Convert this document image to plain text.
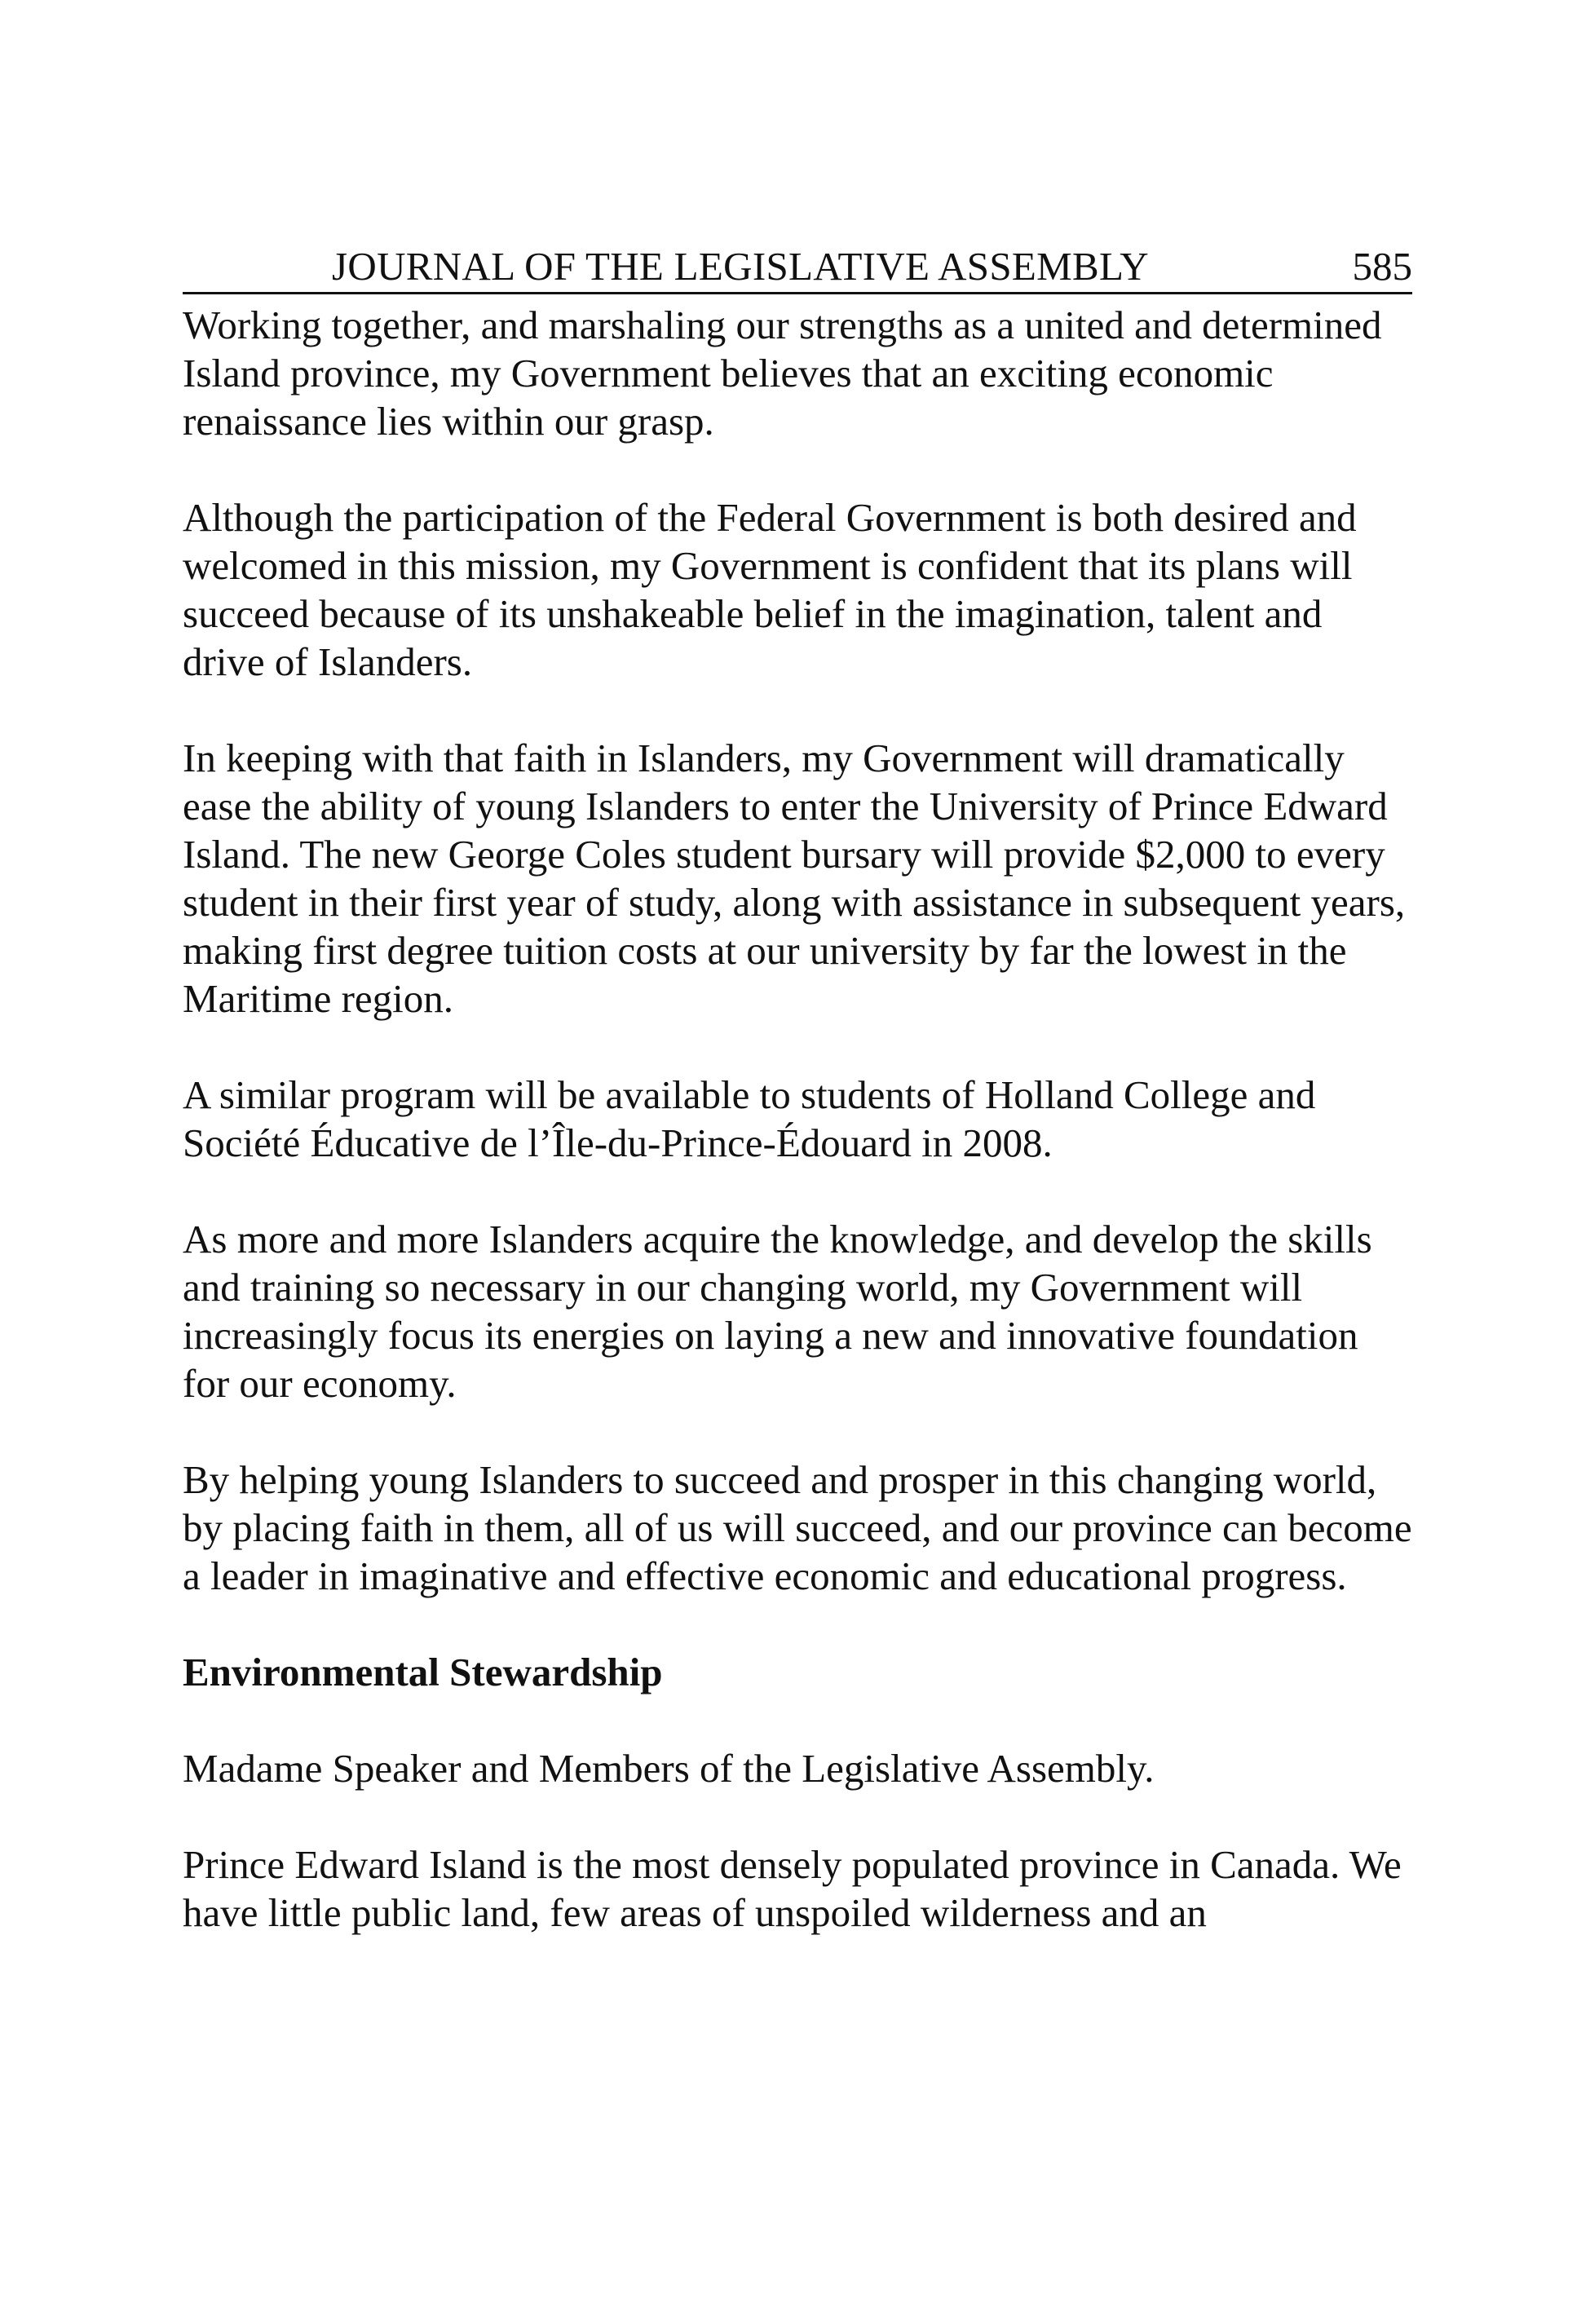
JOURNAL OF THE LEGISLATIVE ASSEMBLY	585

Working together, and marshaling our strengths as a united and determined Island province, my Government believes that an exciting economic renaissance lies within our grasp.

Although the participation of the Federal Government is both desired and welcomed in this mission, my Government is confident that its plans will succeed because of its unshakeable belief in the imagination, talent and drive of Islanders.

In keeping with that faith in Islanders, my Government will dramatically ease the ability of young Islanders to enter the University of Prince Edward Island. The new George Coles student bursary will provide $2,000 to every student in their first year of study, along with assistance in subsequent years, making first degree tuition costs at our university by far the lowest in the Maritime region.

A similar program will be available to students of Holland College and Société Éducative de l’Île-du-Prince-Édouard in 2008.

As more and more Islanders acquire the knowledge, and develop the skills and training so necessary in our changing world, my Government will increasingly focus its energies on laying a new and innovative foundation for our economy.

By helping young Islanders to succeed and prosper in this changing world, by placing faith in them, all of us will succeed, and our province can become a leader in imaginative and effective economic and educational progress.

Environmental Stewardship

Madame Speaker and Members of the Legislative Assembly.

Prince Edward Island is the most densely populated province in Canada. We have little public land, few areas of unspoiled wilderness and an
